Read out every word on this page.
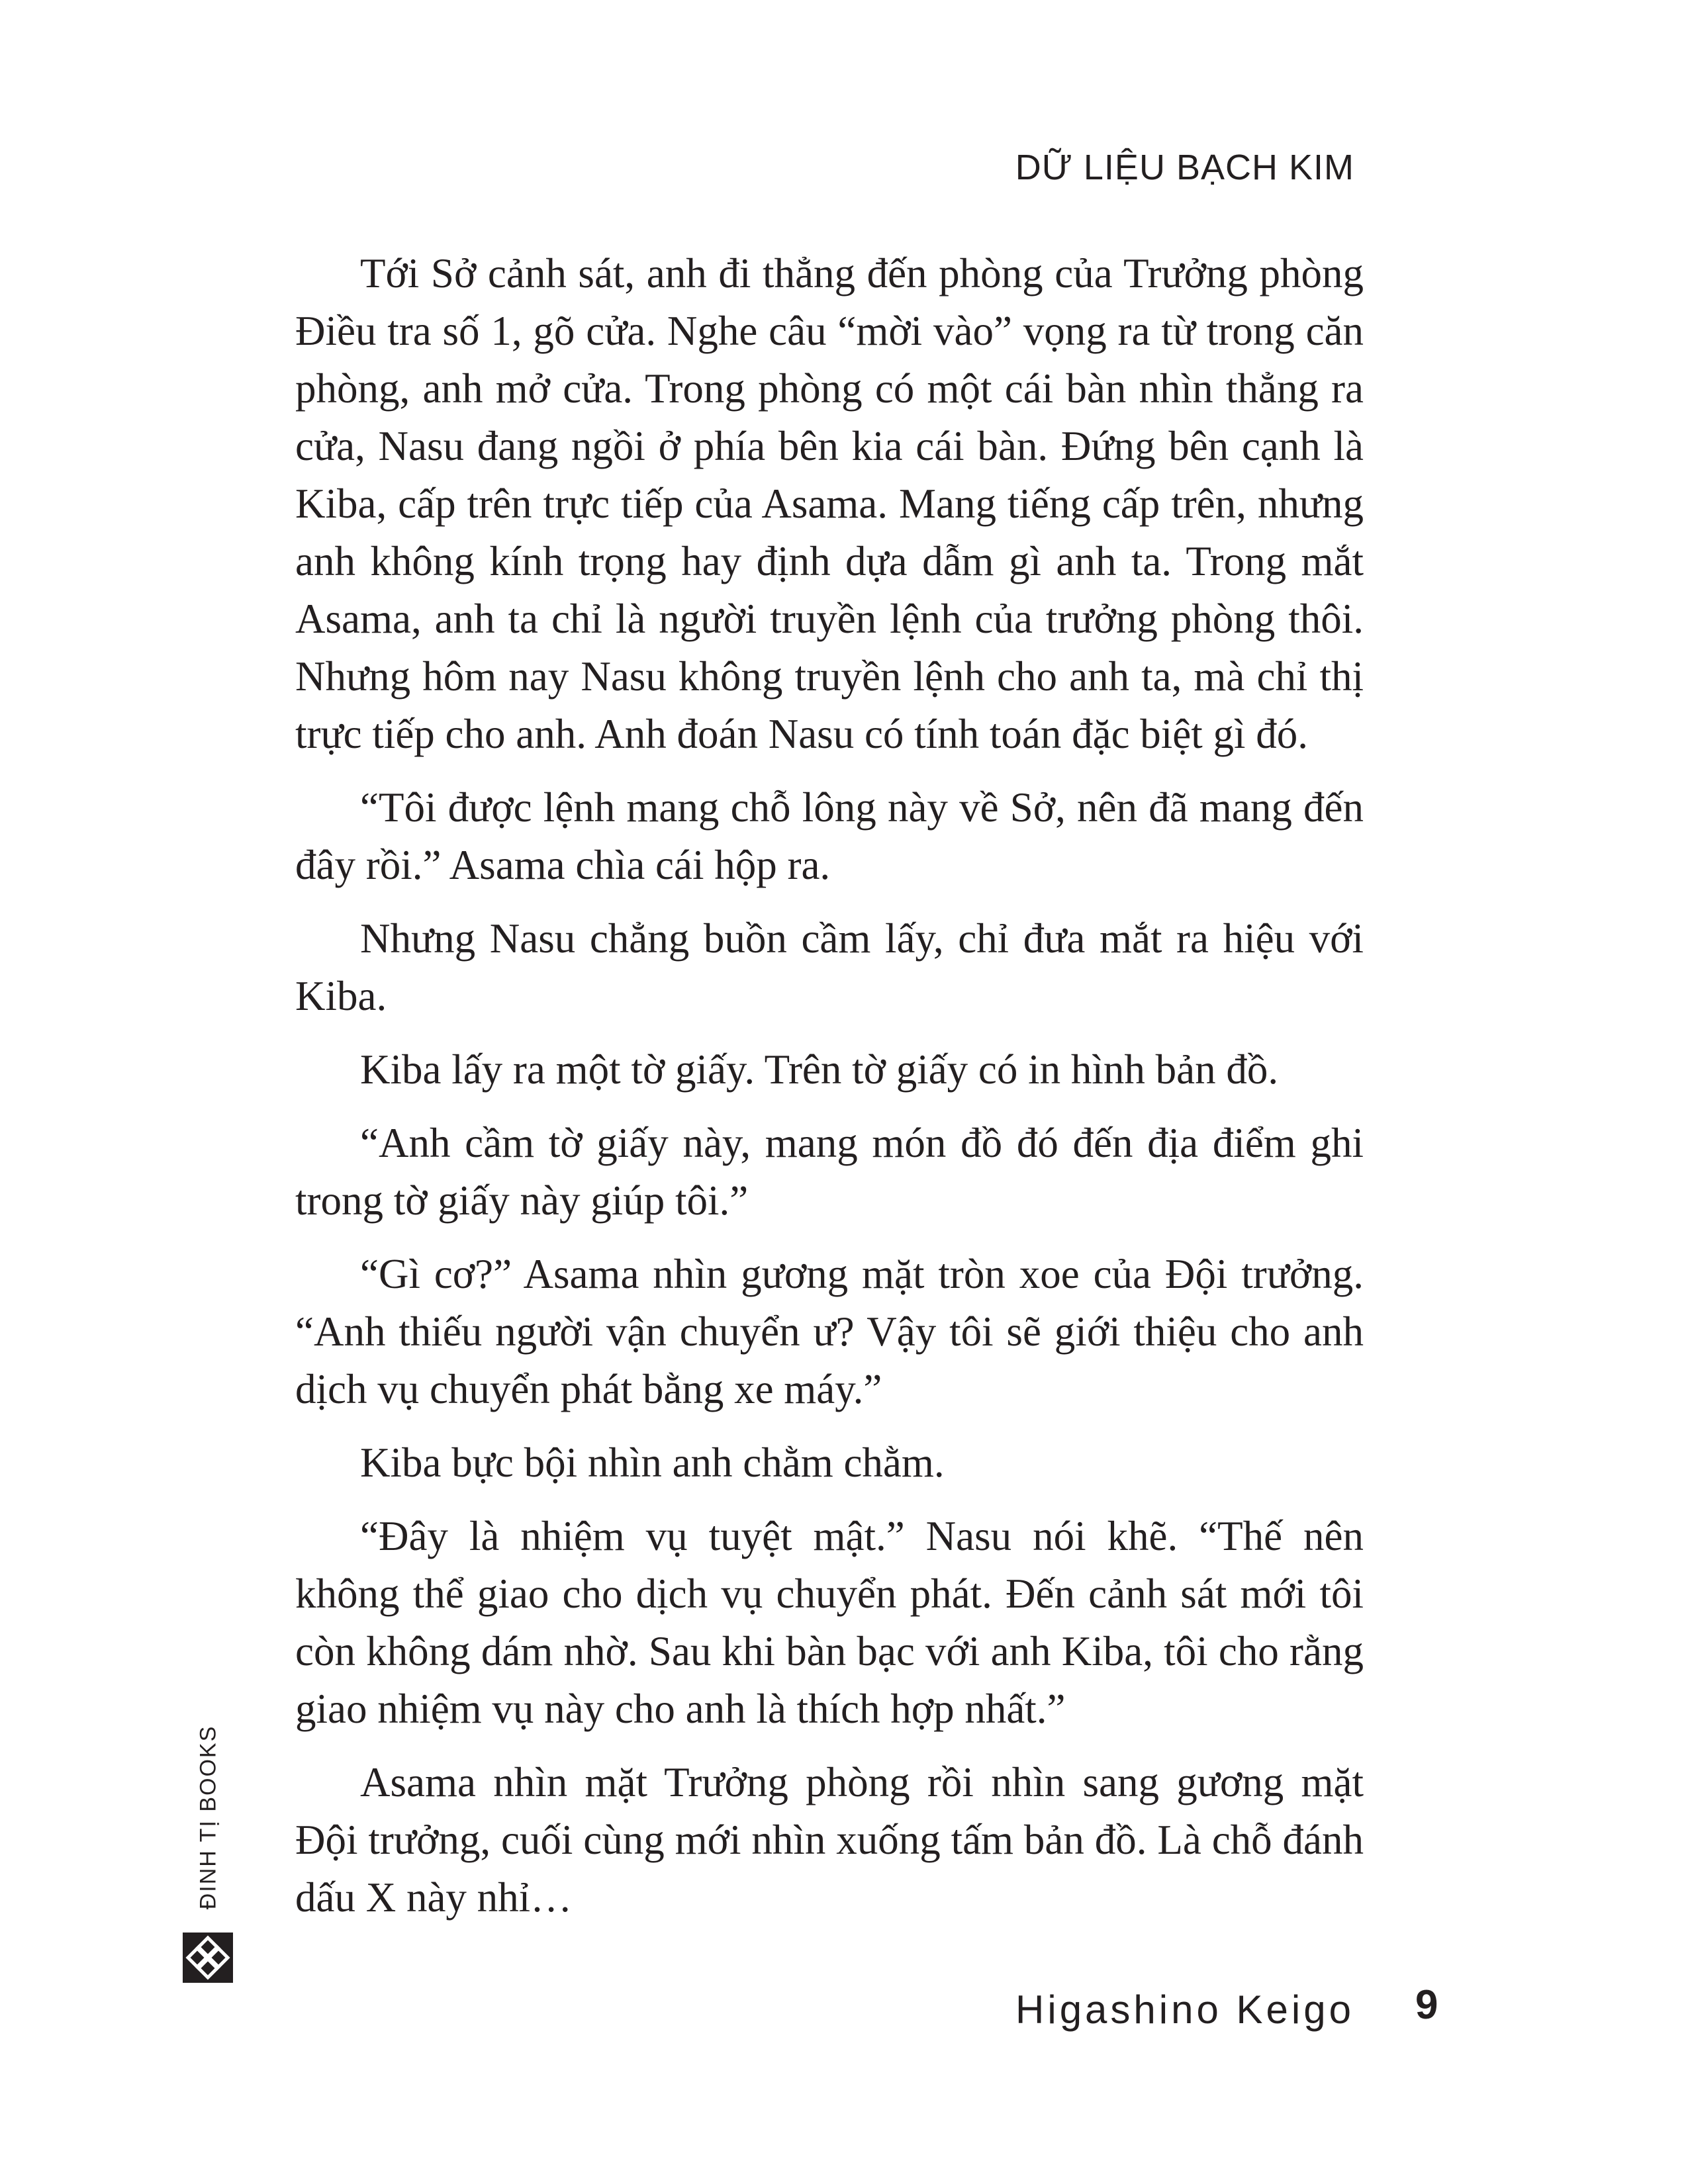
DỮ LIỆU BẠCH KIM

Tới Sở cảnh sát, anh đi thẳng đến phòng của Trưởng phòng Điều tra số 1, gõ cửa. Nghe câu “mời vào” vọng ra từ trong căn phòng, anh mở cửa. Trong phòng có một cái bàn nhìn thẳng ra cửa, Nasu đang ngồi ở phía bên kia cái bàn. Đứng bên cạnh là Kiba, cấp trên trực tiếp của Asama. Mang tiếng cấp trên, nhưng anh không kính trọng hay định dựa dẫm gì anh ta. Trong mắt Asama, anh ta chỉ là người truyền lệnh của trưởng phòng thôi. Nhưng hôm nay Nasu không truyền lệnh cho anh ta, mà chỉ thị trực tiếp cho anh. Anh đoán Nasu có tính toán đặc biệt gì đó.

“Tôi được lệnh mang chỗ lông này về Sở, nên đã mang đến đây rồi.” Asama chìa cái hộp ra.

Nhưng Nasu chẳng buồn cầm lấy, chỉ đưa mắt ra hiệu với Kiba.

Kiba lấy ra một tờ giấy. Trên tờ giấy có in hình bản đồ.

“Anh cầm tờ giấy này, mang món đồ đó đến địa điểm ghi trong tờ giấy này giúp tôi.”

“Gì cơ?” Asama nhìn gương mặt tròn xoe của Đội trưởng. “Anh thiếu người vận chuyển ư? Vậy tôi sẽ giới thiệu cho anh dịch vụ chuyển phát bằng xe máy.”

Kiba bực bội nhìn anh chằm chằm.

“Đây là nhiệm vụ tuyệt mật.” Nasu nói khẽ. “Thế nên không thể giao cho dịch vụ chuyển phát. Đến cảnh sát mới tôi còn không dám nhờ. Sau khi bàn bạc với anh Kiba, tôi cho rằng giao nhiệm vụ này cho anh là thích hợp nhất.”

Asama nhìn mặt Trưởng phòng rồi nhìn sang gương mặt Đội trưởng, cuối cùng mới nhìn xuống tấm bản đồ. Là chỗ đánh dấu X này nhỉ…

ĐINH TỊ BOOKS

Higashino Keigo 9
